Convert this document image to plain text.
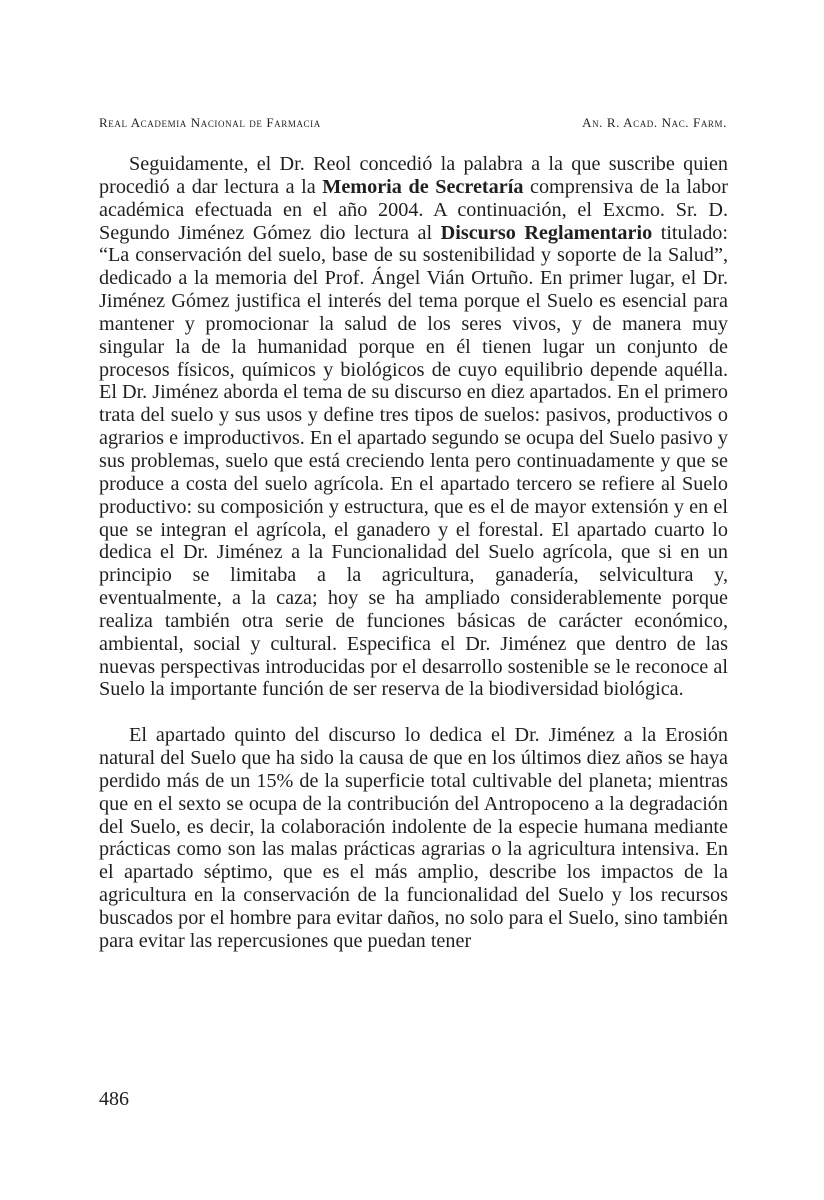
Real Academia Nacional de Farmacia	An. R. Acad. Nac. Farm.

Seguidamente, el Dr. Reol concedió la palabra a la que suscribe quien procedió a dar lectura a la Memoria de Secretaría comprensiva de la labor académica efectuada en el año 2004. A continuación, el Excmo. Sr. D. Segundo Jiménez Gómez dio lectura al Discurso Reglamentario titulado: “La conservación del suelo, base de su sostenibilidad y soporte de la Salud”, dedicado a la memoria del Prof. Ángel Vián Ortuño. En primer lugar, el Dr. Jiménez Gómez justifica el interés del tema porque el Suelo es esencial para mantener y promocionar la salud de los seres vivos, y de manera muy singular la de la humanidad porque en él tienen lugar un conjunto de procesos físicos, químicos y biológicos de cuyo equilibrio depende aquélla. El Dr. Jiménez aborda el tema de su discurso en diez apartados. En el primero trata del suelo y sus usos y define tres tipos de suelos: pasivos, productivos o agrarios e improductivos. En el apartado segundo se ocupa del Suelo pasivo y sus problemas, suelo que está creciendo lenta pero continuadamente y que se produce a costa del suelo agrícola. En el apartado tercero se refiere al Suelo productivo: su composición y estructura, que es el de mayor extensión y en el que se integran el agrícola, el ganadero y el forestal. El apartado cuarto lo dedica el Dr. Jiménez a la Funcionalidad del Suelo agrícola, que si en un principio se limitaba a la agricultura, ganadería, selvicultura y, eventualmente, a la caza; hoy se ha ampliado considerablemente porque realiza también otra serie de funciones básicas de carácter económico, ambiental, social y cultural. Especifica el Dr. Jiménez que dentro de las nuevas perspectivas introducidas por el desarrollo sostenible se le reconoce al Suelo la importante función de ser reserva de la biodiversidad biológica.

El apartado quinto del discurso lo dedica el Dr. Jiménez a la Erosión natural del Suelo que ha sido la causa de que en los últimos diez años se haya perdido más de un 15% de la superficie total cultivable del planeta; mientras que en el sexto se ocupa de la contribución del Antropoceno a la degradación del Suelo, es decir, la colaboración indolente de la especie humana mediante prácticas como son las malas prácticas agrarias o la agricultura intensiva. En el apartado séptimo, que es el más amplio, describe los impactos de la agricultura en la conservación de la funcionalidad del Suelo y los recursos buscados por el hombre para evitar daños, no solo para el Suelo, sino también para evitar las repercusiones que puedan tener

486
